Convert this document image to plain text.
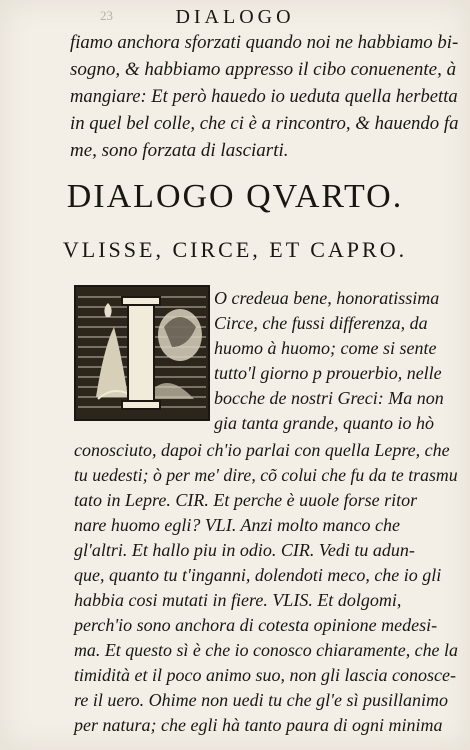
23	DIALOGO
fiamo anchora sforzati quando noi ne habbiamo bi-
sogno, & habbiamo appresso il cibo conuenente, à
mangiare: Et però hauedo io ueduta quella herbetta
in quel bel colle, che ci è a rincontro, & hauendo fa
me, sono forzata di lasciarti.
DIALOGO QVARTO.
VLISSE, CIRCE, ET CAPRO.
O credeua bene, honoratissima
Circe, che fussi differenza, da
huomo à huomo; come si sente
tutto'l giorno p prouerbio, nelle
bocche de nostri Greci: Ma non
gia tanta grande, quanto io hò
conosciuto, dapoi ch'io parlai con quella Lepre, che
tu uedesti; ò per me' dire, cõ colui che fu da te trasmu
tato in Lepre. CIR. Et perche è uuole forse ritor
nare huomo egli? VLI. Anzi molto manco che
gl'altri. Et hallo piu in odio. CIR. Vedi tu adun-
que, quanto tu t'inganni, dolendoti meco, che io gli
habbia cosi mutati in fiere. VLIS. Et dolgomi,
perch'io sono anchora di cotesta opinione medesi-
ma. Et questo sì è che io conosco chiaramente, che la
timidità et il poco animo suo, non gli lascia conosce-
re il uero. Ohime non uedi tu che gl'e sì pusillanimo
per natura; che egli hà tanto paura di ogni minima
